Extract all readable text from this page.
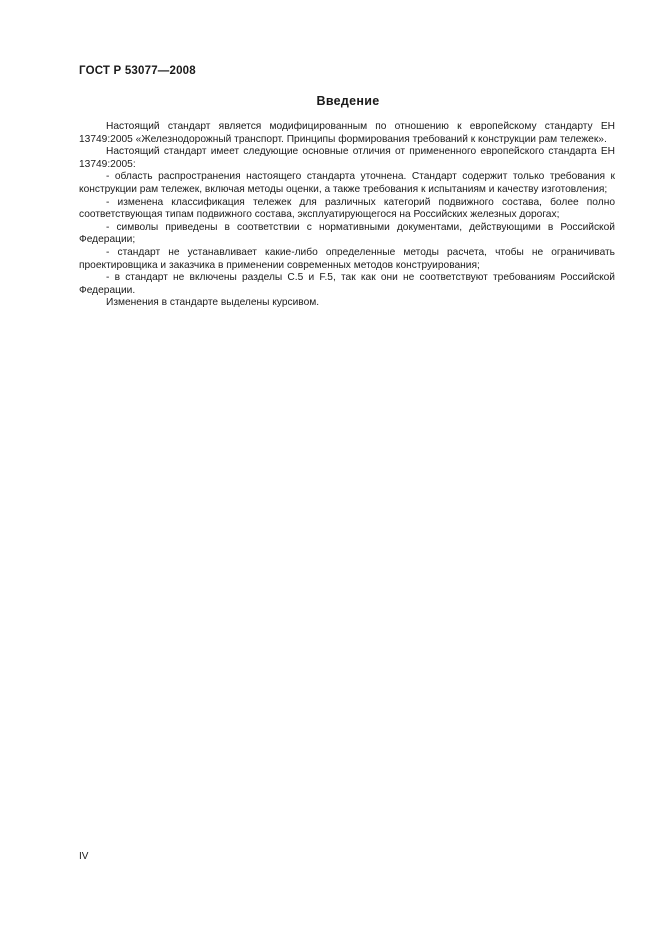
ГОСТ Р 53077—2008
Введение

Настоящий стандарт является модифицированным по отношению к европейскому стандарту ЕН 13749:2005 «Железнодорожный транспорт. Принципы формирования требований к конструкции рам тележек».

Настоящий стандарт имеет следующие основные отличия от примененного европейского стандарта ЕН 13749:2005:

- область распространения настоящего стандарта уточнена. Стандарт содержит только требования к конструкции рам тележек, включая методы оценки, а также требования к испытаниям и качеству изготовления;

- изменена классификация тележек для различных категорий подвижного состава, более полно соответствующая типам подвижного состава, эксплуатирующегося на Российских железных дорогах;

- символы приведены в соответствии с нормативными документами, действующими в Российской Федерации;

- стандарт не устанавливает какие-либо определенные методы расчета, чтобы не ограничивать проектировщика и заказчика в применении современных методов конструирования;

- в стандарт не включены разделы С.5 и F.5, так как они не соответствуют требованиям Российской Федерации.

Изменения в стандарте выделены курсивом.

IV
